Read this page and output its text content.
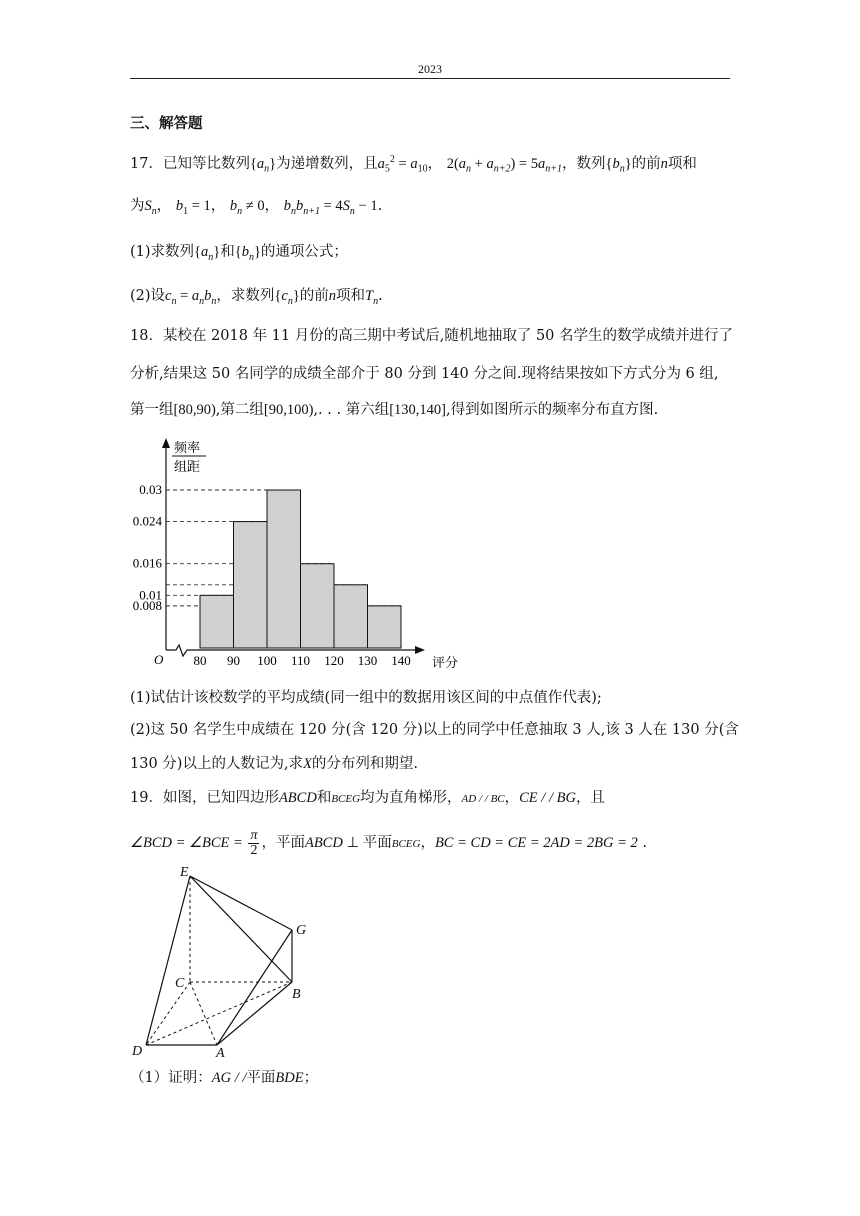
2023
三、解答题
17．已知等比数列$\{a_n\}$为递增数列，且$a_5^2 = a_{10}$， $2(a_n + a_{n+2}) = 5a_{n+1}$，数列$\{b_n\}$的前n项和
为$S_n$， $b_1 = 1$， $b_n \ne 0$， $b_nb_{n+1} = 4S_n - 1$.
(1)求数列$\{a_n\}$和$\{b_n\}$的通项公式；
(2)设$c_n = a_nb_n$，求数列$\{c_n\}$的前n项和$T_n$.
18．某校在 2018 年 11 月份的高三期中考试后,随机地抽取了 50 名学生的数学成绩并进行了
分析,结果这 50 名同学的成绩全部介于 80 分到 140 分之间.现将结果按如下方式分为 6 组,
第一组[80,90),第二组[90,100),. . . 第六组[130,140],得到如图所示的频率分布直方图.
0.03
0.024
0.016
0.01
0.008
80 90 100 110 120 130 140
频率
组距
评分
O
(1)试估计该校数学的平均成绩(同一组中的数据用该区间的中点值作代表);
(2)这 50 名学生中成绩在 120 分(含 120 分)以上的同学中任意抽取 3 人,该 3 人在 130 分(含
130 分)以上的人数记为,求X的分布列和期望.
19．如图，已知四边形ABCD和BCEG均为直角梯形，AD / / BC，CE / / BG，且
∠BCD = ∠BCE = $\frac{\pi}{2}$ ，平面ABCD ⊥ 平面BCEG，BC = CD = CE = 2AD = 2BG = 2 .
E
G
C
B
D	A
（1）证明：AG / /平面BDE；
